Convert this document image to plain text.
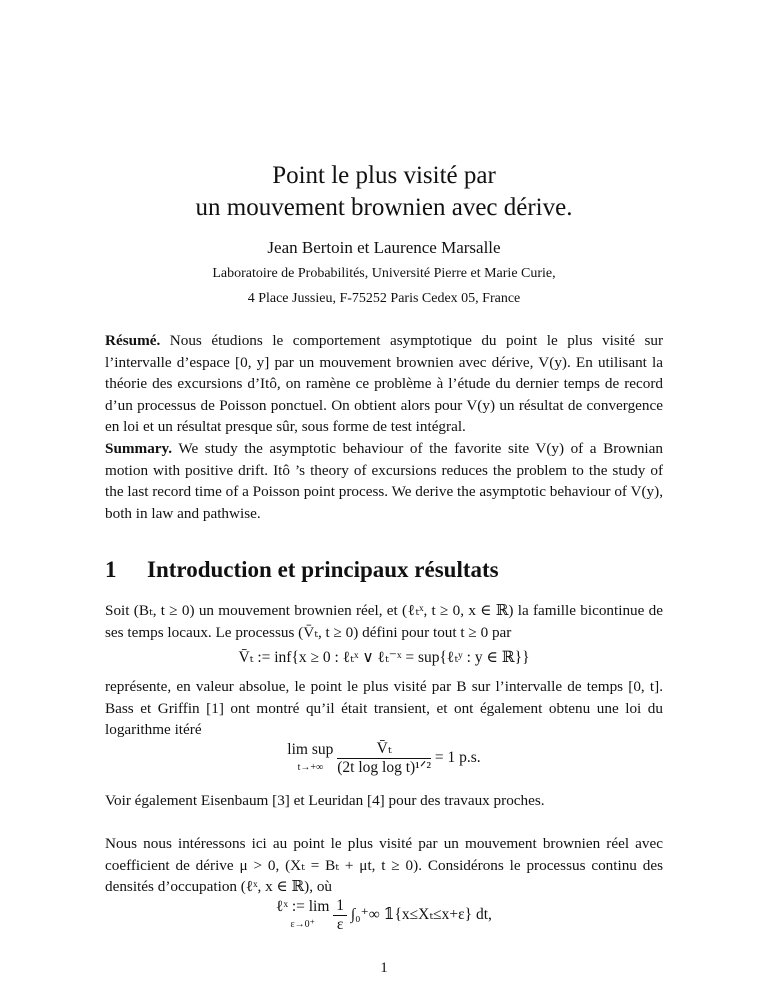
Point le plus visité par
un mouvement brownien avec dérive.
Jean Bertoin et Laurence Marsalle
Laboratoire de Probabilités, Université Pierre et Marie Curie,
4 Place Jussieu, F-75252 Paris Cedex 05, France
Résumé. Nous étudions le comportement asymptotique du point le plus visité sur l’intervalle d’espace [0, y] par un mouvement brownien avec dérive, V(y). En utilisant la théorie des excursions d’Itô, on ramène ce problème à l’étude du dernier temps de record d’un processus de Poisson ponctuel. On obtient alors pour V(y) un résultat de convergence en loi et un résultat presque sûr, sous forme de test intégral.
Summary. We study the asymptotic behaviour of the favorite site V(y) of a Brownian motion with positive drift. Itô ’s theory of excursions reduces the problem to the study of the last record time of a Poisson point process. We derive the asymptotic behaviour of V(y), both in law and pathwise.
1 Introduction et principaux résultats
Soit (Bₜ, t ≥ 0) un mouvement brownien réel, et (ℓₜˣ, t ≥ 0, x ∈ ℝ) la famille bicontinue de ses temps locaux. Le processus (V̄ₜ, t ≥ 0) défini pour tout t ≥ 0 par
V̄ₜ := inf{x ≥ 0 : ℓₜˣ ∨ ℓₜ⁻ˣ = sup{ℓₜʸ : y ∈ ℝ}}
représente, en valeur absolue, le point le plus visité par B sur l’intervalle de temps [0, t]. Bass et Griffin [1] ont montré qu’il était transient, et ont également obtenu une loi du logarithme itéré
lim sup
t→+∞
$\frac{\text{V̄ₜ}}{\text{(2t log log t)¹ᐟ²}} = 1$ p.s.
Voir également Eisenbaum [3] et Leuridan [4] pour des travaux proches.
Nous nous intéressons ici au point le plus visité par un mouvement brownien réel avec coefficient de dérive μ > 0, (Xₜ = Bₜ + μt, t ≥ 0). Considérons le processus continu des densités d’occupation (ℓˣ, x ∈ ℝ), où
ℓˣ := lim
ε→0⁺
	$\frac{1}{\varepsilon} \int_0^+\infty$ 𝟙{x≤Xₜ≤x+ε} dt,
1
